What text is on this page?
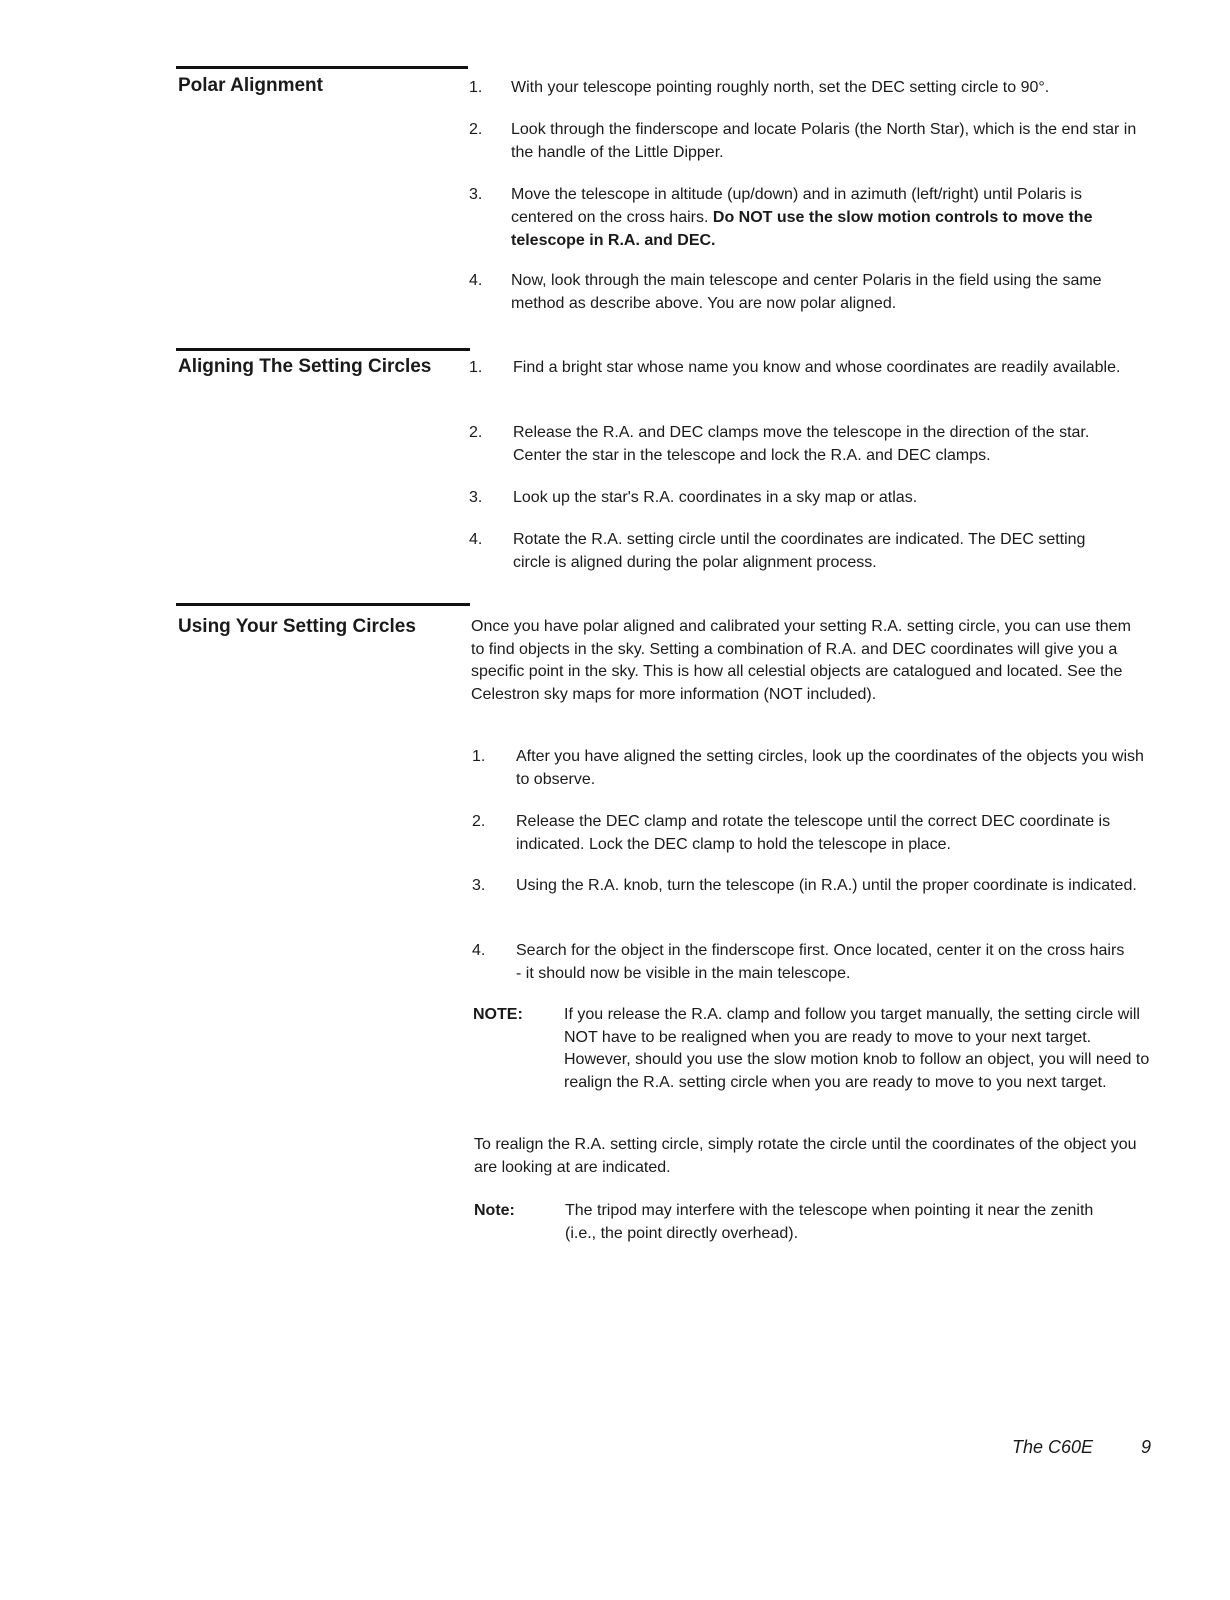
Polar Alignment	1. With your telescope pointing roughly north, set the DEC setting circle to 90°.
2. Look through the finderscope and locate Polaris (the North Star), which is the end star in the handle of the Little Dipper.
3. Move the telescope in altitude (up/down) and in azimuth (left/right) until Polaris is centered on the cross hairs. Do NOT use the slow motion controls to move the telescope in R.A. and DEC.
4. Now, look through the main telescope and center Polaris in the field using the same method as describe above. You are now polar aligned.
Aligning The Setting Circles 1. Find a bright star whose name you know and whose coordinates are readily available.
2. Release the R.A. and DEC clamps move the telescope in the direction of the star. Center the star in the telescope and lock the R.A. and DEC clamps.
3. Look up the star's R.A. coordinates in a sky map or atlas.
4. Rotate the R.A. setting circle until the coordinates are indicated. The DEC setting circle is aligned during the polar alignment process.
Using Your Setting Circles	Once you have polar aligned and calibrated your setting R.A. setting circle, you can use them to find objects in the sky. Setting a combination of R.A. and DEC coordinates will give you a specific point in the sky. This is how all celestial objects are catalogued and located. See the Celestron sky maps for more information (NOT included).
1. After you have aligned the setting circles, look up the coordinates of the objects you wish to observe.
2. Release the DEC clamp and rotate the telescope until the correct DEC coordinate is indicated. Lock the DEC clamp to hold the telescope in place.
3. Using the R.A. knob, turn the telescope (in R.A.) until the proper coordinate is indicated.
4. Search for the object in the finderscope first. Once located, center it on the cross hairs - it should now be visible in the main telescope.
NOTE:	If you release the R.A. clamp and follow you target manually, the setting circle will NOT have to be realigned when you are ready to move to your next target. However, should you use the slow motion knob to follow an object, you will need to realign the R.A. setting circle when you are ready to move to you next target.
To realign the R.A. setting circle, simply rotate the circle until the coordinates of the object you are looking at are indicated.
Note:	The tripod may interfere with the telescope when pointing it near the zenith (i.e., the point directly overhead).
The C60E	9
